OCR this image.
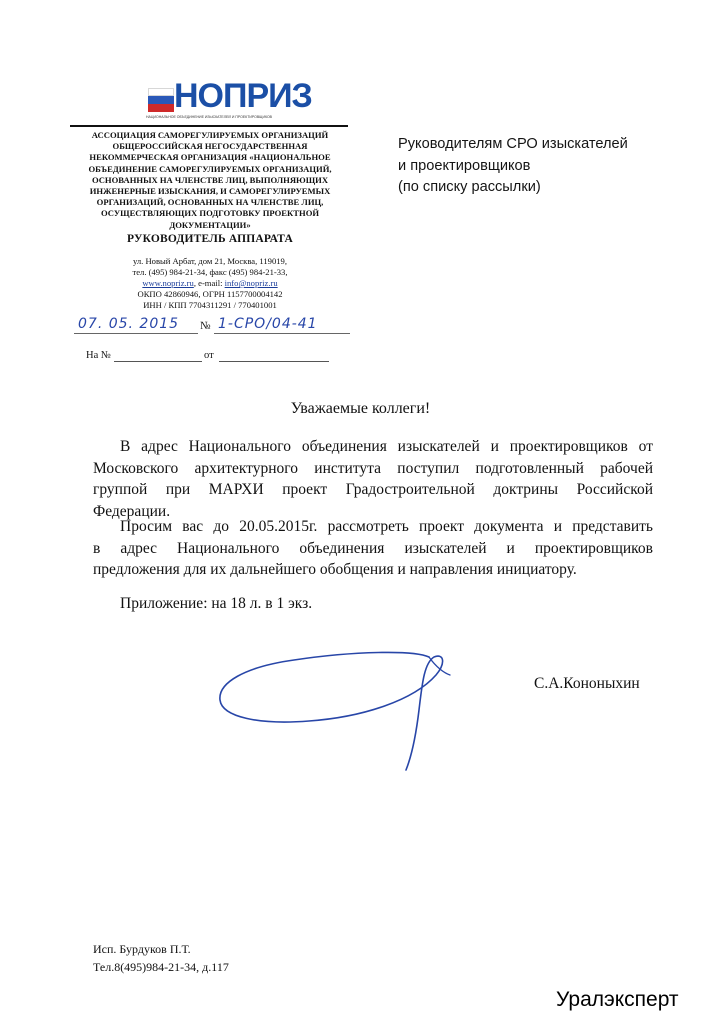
НОПРИЗ
НАЦИОНАЛЬНОЕ ОБЪЕДИНЕНИЕ ИЗЫСКАТЕЛЕЙ И ПРОЕКТИРОВЩИКОВ
АССОЦИАЦИЯ САМОРЕГУЛИРУЕМЫХ ОРГАНИЗАЦИЙ
ОБЩЕРОССИЙСКАЯ НЕГОСУДАРСТВЕННАЯ
НЕКОММЕРЧЕСКАЯ ОРГАНИЗАЦИЯ «НАЦИОНАЛЬНОЕ
ОБЪЕДИНЕНИЕ САМОРЕГУЛИРУЕМЫХ ОРГАНИЗАЦИЙ,
ОСНОВАННЫХ НА ЧЛЕНСТВЕ ЛИЦ, ВЫПОЛНЯЮЩИХ
ИНЖЕНЕРНЫЕ ИЗЫСКАНИЯ, И САМОРЕГУЛИРУЕМЫХ
ОРГАНИЗАЦИЙ, ОСНОВАННЫХ НА ЧЛЕНСТВЕ ЛИЦ,
ОСУЩЕСТВЛЯЮЩИХ ПОДГОТОВКУ ПРОЕКТНОЙ
ДОКУМЕНТАЦИИ»
РУКОВОДИТЕЛЬ АППАРАТА
ул. Новый Арбат, дом 21, Москва, 119019,
тел. (495) 984-21-34, факс (495) 984-21-33,
www.nopriz.ru, e-mail: info@nopriz.ru
ОКПО 42860946, ОГРН 1157700004142
ИНН / КПП 7704311291 / 770401001
07. 05. 2015 № 1-СРО/04-41
На №	от
Руководителям СРО изыскателей
и проектировщиков
(по списку рассылки)
Уважаемые коллеги!
В адрес Национального объединения изыскателей и проектировщиков от
Московского архитектурного института поступил подготовленный рабочей
группой при МАРХИ проект Градостроительной доктрины Российской
Федерации.
Просим вас до 20.05.2015г. рассмотреть проект документа и представить
в адрес Национального объединения изыскателей и проектировщиков
предложения для их дальнейшего обобщения и направления инициатору.
Приложение: на 18 л. в 1 экз.
С.А.Кононыхин
Исп. Бурдуков П.Т.
Тел.8(495)984-21-34, д.117
Уралэксперт
